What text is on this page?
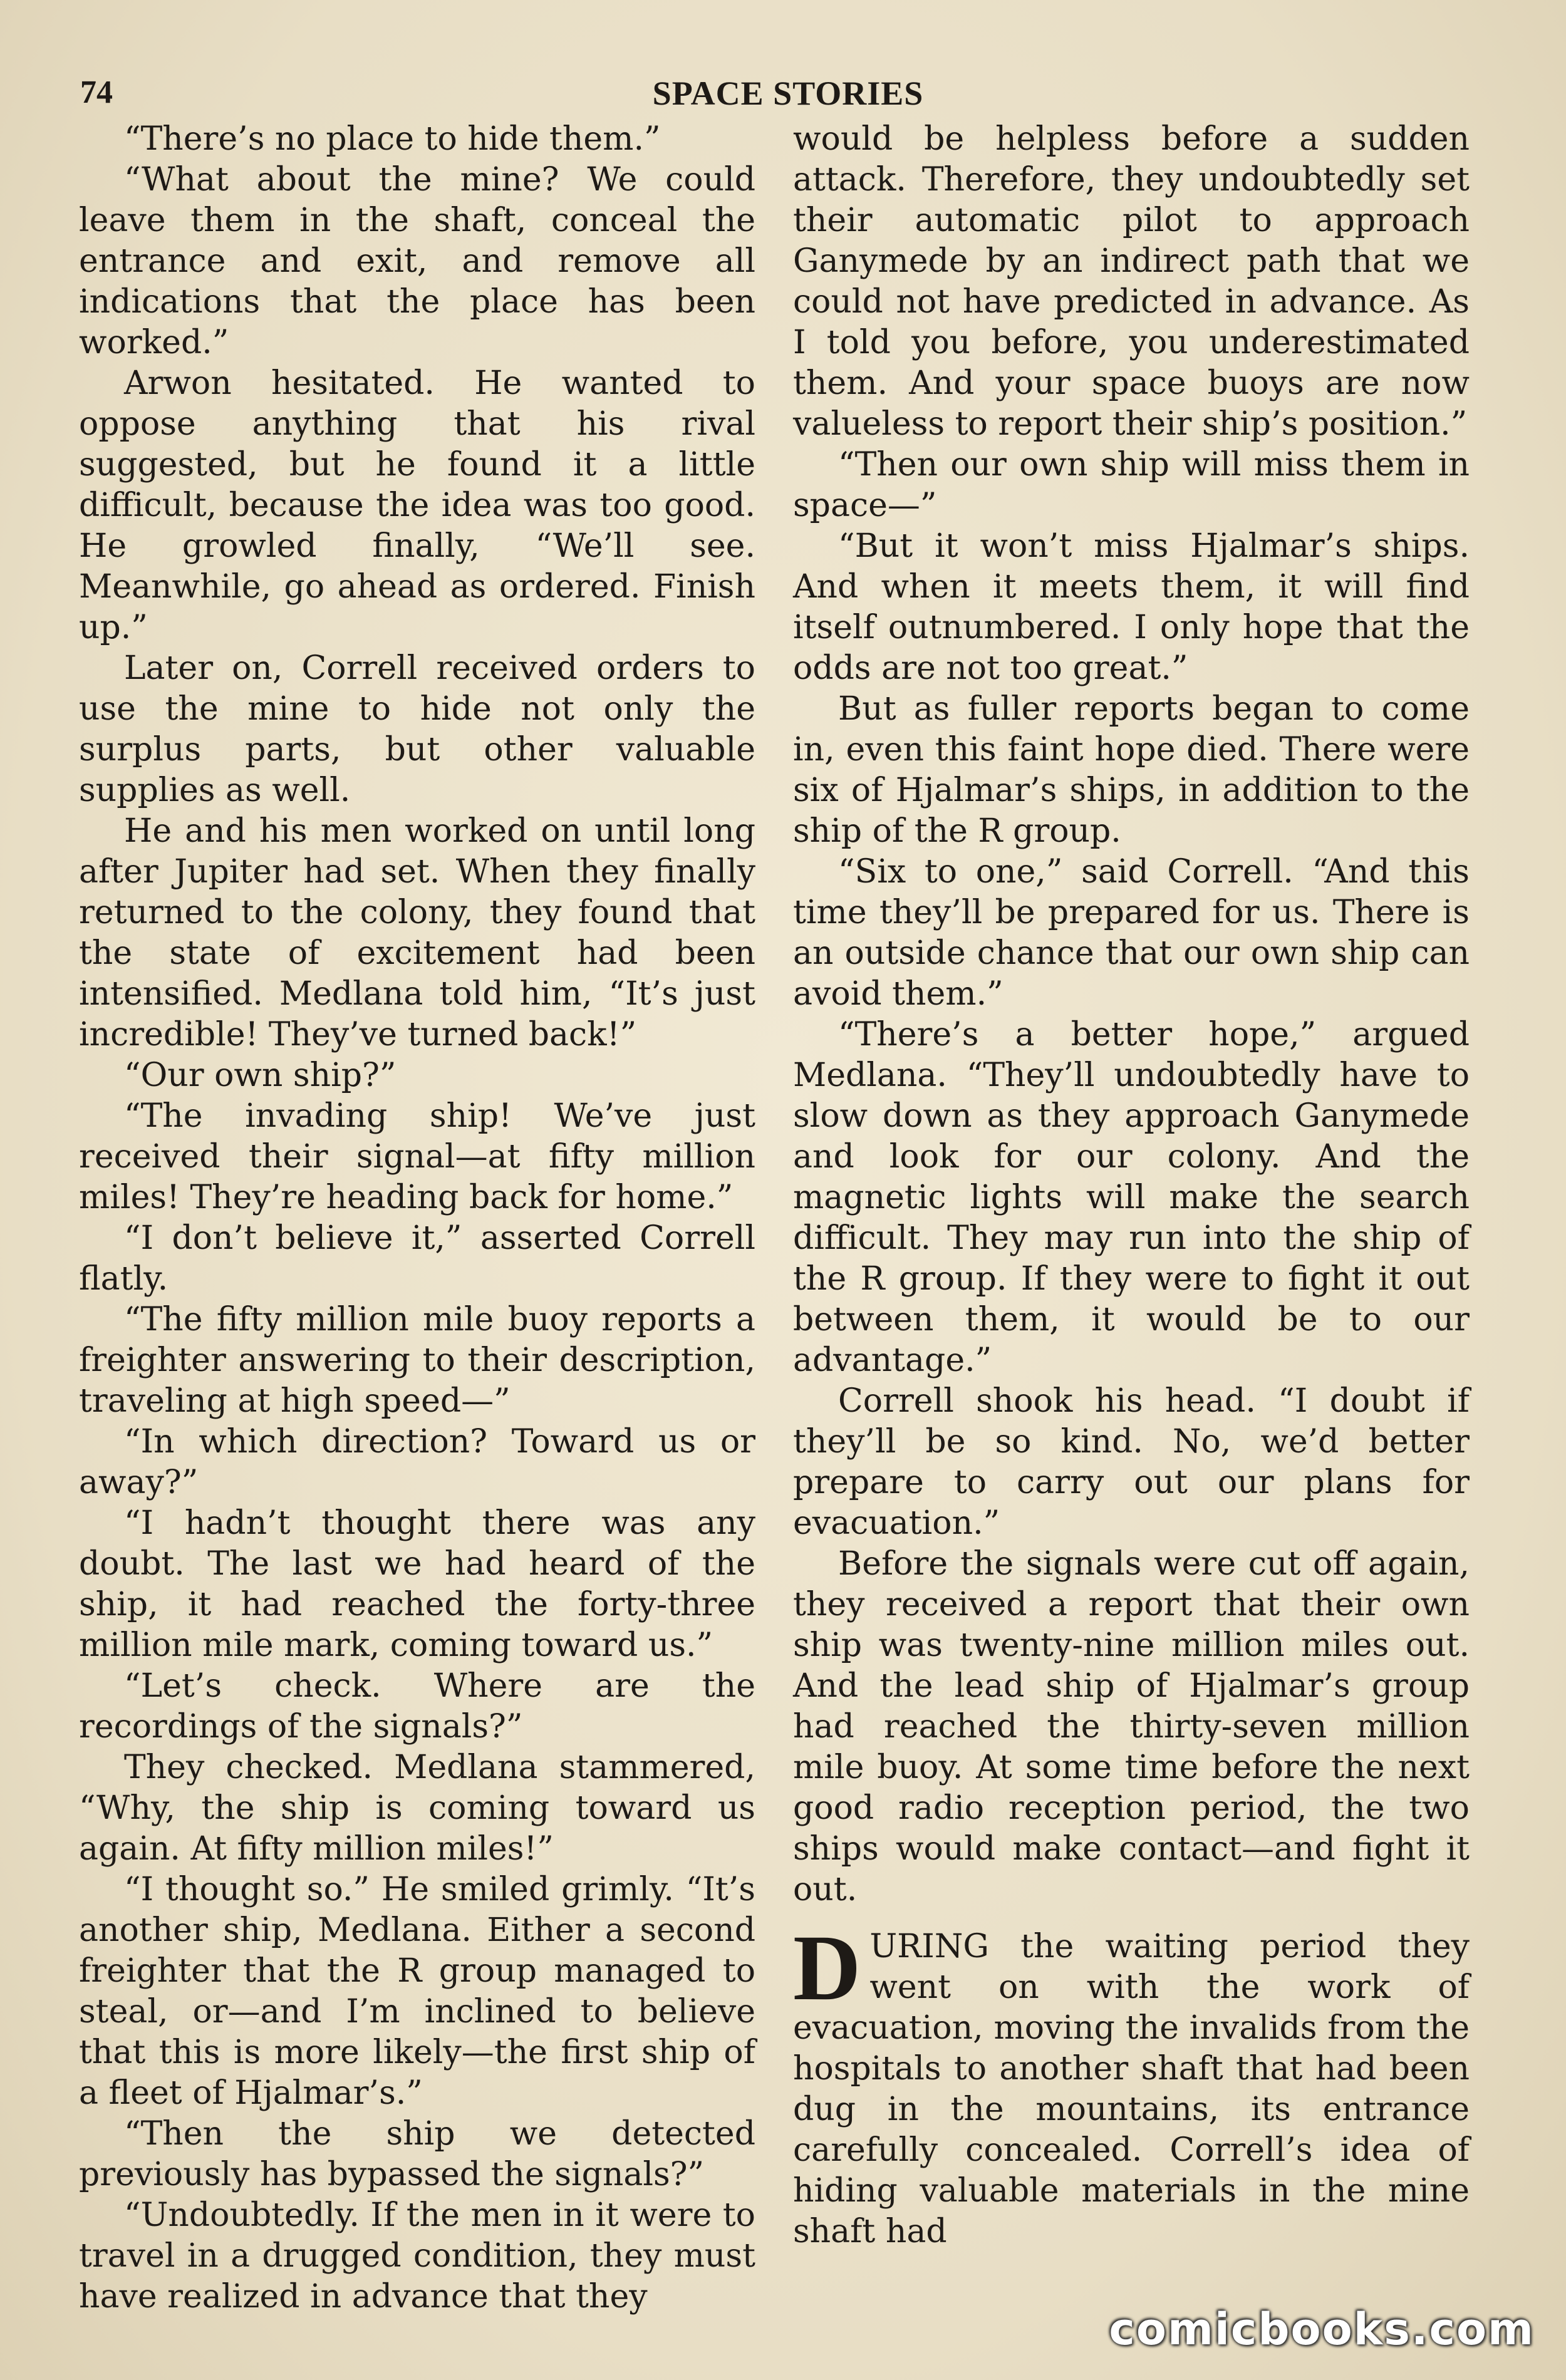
74	SPACE STORIES

“There’s no place to hide them.”

“What about the mine? We could leave them in the shaft, conceal the entrance and exit, and remove all indications that the place has been worked.”

Arwon hesitated. He wanted to oppose anything that his rival suggested, but he found it a little difficult, because the idea was too good. He growled finally, “We’ll see. Meanwhile, go ahead as ordered. Finish up.”

Later on, Correll received orders to use the mine to hide not only the surplus parts, but other valuable supplies as well.

He and his men worked on until long after Jupiter had set. When they finally returned to the colony, they found that the state of excitement had been intensified. Medlana told him, “It’s just incredible! They’ve turned back!”

“Our own ship?”

“The invading ship! We’ve just received their signal—at fifty million miles! They’re heading back for home.”

“I don’t believe it,” asserted Correll flatly.

“The fifty million mile buoy reports a freighter answering to their description, traveling at high speed—”

“In which direction? Toward us or away?”

“I hadn’t thought there was any doubt. The last we had heard of the ship, it had reached the forty-three million mile mark, coming toward us.”

“Let’s check. Where are the recordings of the signals?”

They checked. Medlana stammered, “Why, the ship is coming toward us again. At fifty million miles!”

“I thought so.” He smiled grimly. “It’s another ship, Medlana. Either a second freighter that the R group managed to steal, or—and I’m inclined to believe that this is more likely—the first ship of a fleet of Hjalmar’s.”

“Then the ship we detected previously has bypassed the signals?”

“Undoubtedly. If the men in it were to travel in a drugged condition, they must have realized in advance that they

would be helpless before a sudden attack. Therefore, they undoubtedly set their automatic pilot to approach Ganymede by an indirect path that we could not have predicted in advance. As I told you before, you underestimated them. And your space buoys are now valueless to report their ship’s position.”

“Then our own ship will miss them in space—”

“But it won’t miss Hjalmar’s ships. And when it meets them, it will find itself outnumbered. I only hope that the odds are not too great.”

But as fuller reports began to come in, even this faint hope died. There were six of Hjalmar’s ships, in addition to the ship of the R group.

“Six to one,” said Correll. “And this time they’ll be prepared for us. There is an outside chance that our own ship can avoid them.”

“There’s a better hope,” argued Medlana. “They’ll undoubtedly have to slow down as they approach Ganymede and look for our colony. And the magnetic lights will make the search difficult. They may run into the ship of the R group. If they were to fight it out between them, it would be to our advantage.”

Correll shook his head. “I doubt if they’ll be so kind. No, we’d better prepare to carry out our plans for evacuation.”

Before the signals were cut off again, they received a report that their own ship was twenty-nine million miles out. And the lead ship of Hjalmar’s group had reached the thirty-seven million mile buoy. At some time before the next good radio reception period, the two ships would make contact—and fight it out.

DURING the waiting period they went on with the work of evacuation, moving the invalids from the hospitals to another shaft that had been dug in the mountains, its entrance carefully concealed. Correll’s idea of hiding valuable materials in the mine shaft had

comicbooks.com
